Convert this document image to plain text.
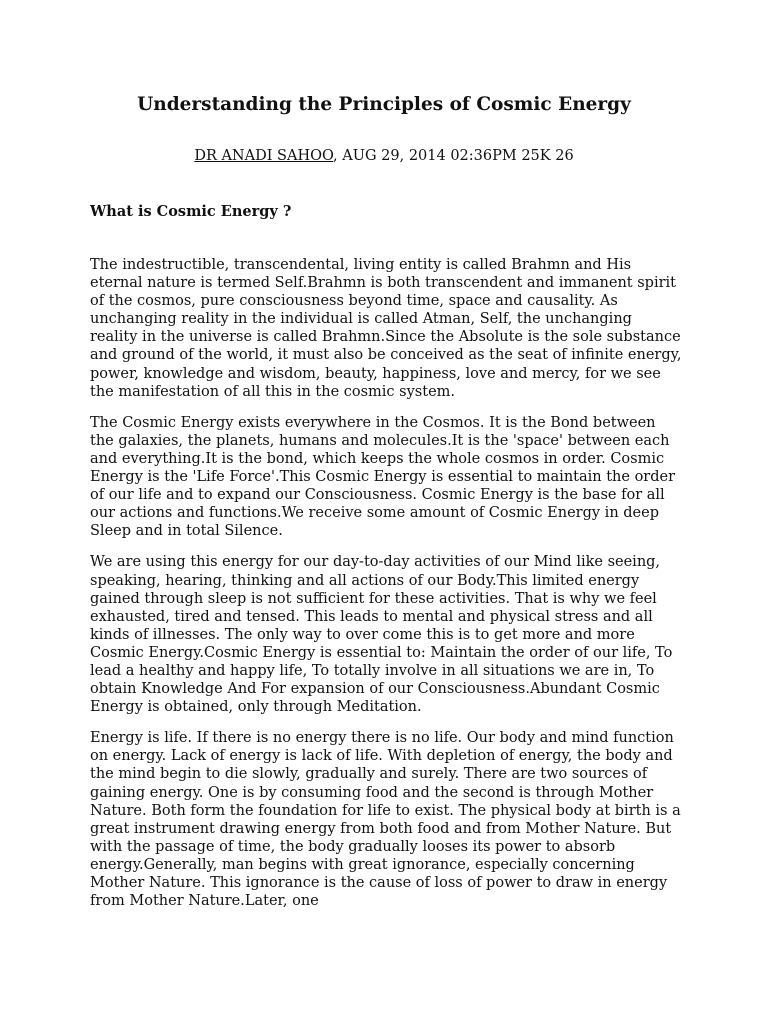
Understanding the Principles of Cosmic Energy
DR ANADI SAHOO, AUG 29, 2014 02:36PM 25K 26
What is Cosmic Energy ?

The indestructible, transcendental, living entity is called Brahmn and His eternal nature is termed Self.Brahmn is both transcendent and immanent spirit of the cosmos, pure consciousness beyond time, space and causality. As unchanging reality in the individual is called Atman, Self, the unchanging reality in the universe is called Brahmn.Since the Absolute is the sole substance and ground of the world, it must also be conceived as the seat of infinite energy, power, knowledge and wisdom, beauty, happiness, love and mercy, for we see the manifestation of all this in the cosmic system.

The Cosmic Energy exists everywhere in the Cosmos. It is the Bond between the galaxies, the planets, humans and molecules.It is the 'space' between each and everything.It is the bond, which keeps the whole cosmos in order. Cosmic Energy is the 'Life Force'.This Cosmic Energy is essential to maintain the order of our life and to expand our Consciousness. Cosmic Energy is the base for all our actions and functions.We receive some amount of Cosmic Energy in deep Sleep and in total Silence.

We are using this energy for our day-to-day activities of our Mind like seeing, speaking, hearing, thinking and all actions of our Body.This limited energy gained through sleep is not sufficient for these activities. That is why we feel exhausted, tired and tensed. This leads to mental and physical stress and all kinds of illnesses. The only way to over come this is to get more and more Cosmic Energy.Cosmic Energy is essential to: Maintain the order of our life, To lead a healthy and happy life, To totally involve in all situations we are in, To obtain Knowledge And For expansion of our Consciousness.Abundant Cosmic Energy is obtained, only through Meditation.

Energy is life. If there is no energy there is no life. Our body and mind function on energy. Lack of energy is lack of life. With depletion of energy, the body and the mind begin to die slowly, gradually and surely. There are two sources of gaining energy. One is by consuming food and the second is through Mother Nature. Both form the foundation for life to exist. The physical body at birth is a great instrument drawing energy from both food and from Mother Nature. But with the passage of time, the body gradually looses its power to absorb energy.Generally, man begins with great ignorance, especially concerning Mother Nature. This ignorance is the cause of loss of power to draw in energy from Mother Nature.Later, one
